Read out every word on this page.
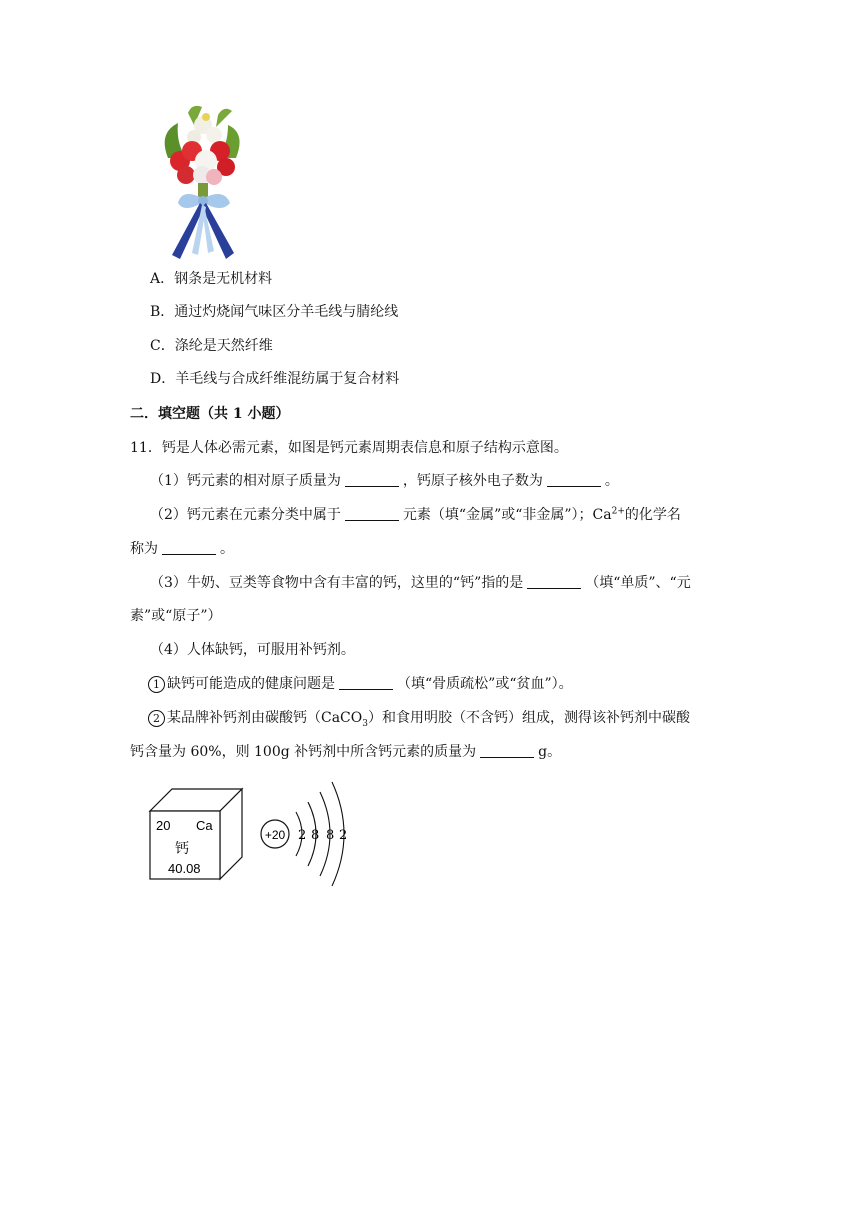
A．钢条是无机材料
B．通过灼烧闻气味区分羊毛线与腈纶线
C．涤纶是天然纤维
D．羊毛线与合成纤维混纺属于复合材料
二．填空题（共 1 小题）
11．钙是人体必需元素，如图是钙元素周期表信息和原子结构示意图。
（1）钙元素的相对原子质量为	，钙原子核外电子数为	。
（2）钙元素在元素分类中属于	元素（填“金属”或“非金属”）；$Ca^{2+}$的化学名
称为	。
（3）牛奶、豆类等食物中含有丰富的钙，这里的“钙”指的是	（填“单质”、“元
素”或“原子”）
（4）人体缺钙，可服用补钙剂。
1 缺钙可能造成的健康问题是	（填“骨质疏松”或“贫血”）。
2 某品牌补钙剂由碳酸钙（CaCO$_3$）和食用明胶（不含钙）组成，测得该补钙剂中碳酸
钙含量为 60%，则 100g 补钙剂中所含钙元素的质量为	g。
20 Ca
钙
40.08
+20 2 8 8 2
